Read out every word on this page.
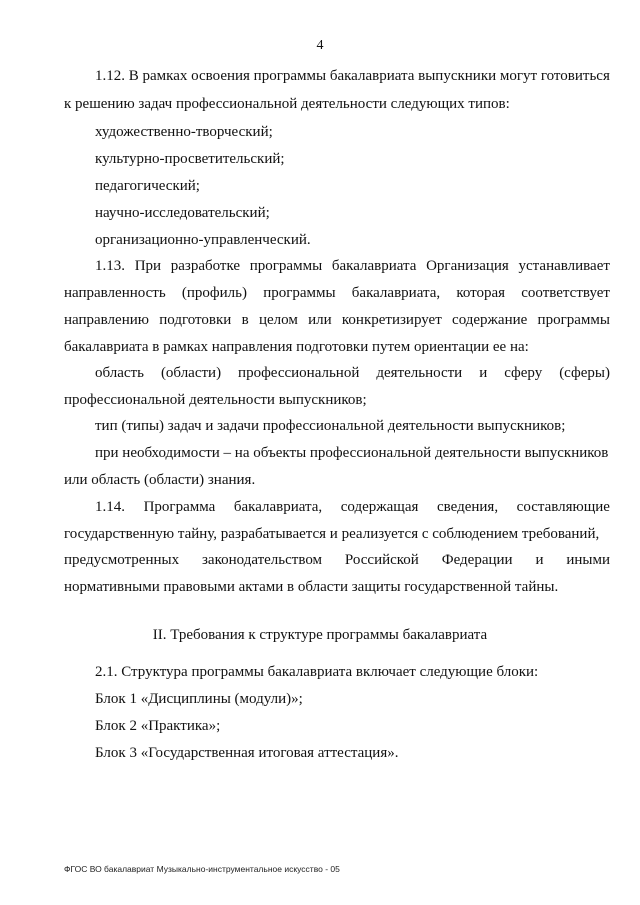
4
1.12. В рамках освоения программы бакалавриата выпускники могут готовиться
к решению задач профессиональной деятельности следующих типов:
художественно-творческий;
культурно-просветительский;
педагогический;
научно-исследовательский;
организационно-управленческий.
1.13. При разработке программы бакалавриата Организация устанавливает
направленность (профиль) программы бакалавриата, которая соответствует
направлению подготовки в целом или конкретизирует содержание программы
бакалавриата в рамках направления подготовки путем ориентации ее на:
область (области) профессиональной деятельности и сферу (сферы)
профессиональной деятельности выпускников;
тип (типы) задач и задачи профессиональной деятельности выпускников;
при необходимости – на объекты профессиональной деятельности выпускников
или область (области) знания.
1.14. Программа бакалавриата, содержащая сведения, составляющие
государственную тайну, разрабатывается и реализуется с соблюдением требований,
предусмотренных законодательством Российской Федерации и иными
нормативными правовыми актами в области защиты государственной тайны.
II. Требования к структуре программы бакалавриата
2.1. Структура программы бакалавриата включает следующие блоки:
Блок 1 «Дисциплины (модули)»;
Блок 2 «Практика»;
Блок 3 «Государственная итоговая аттестация».
ФГОС ВО бакалавриат Музыкально-инструментальное искусство - 05
